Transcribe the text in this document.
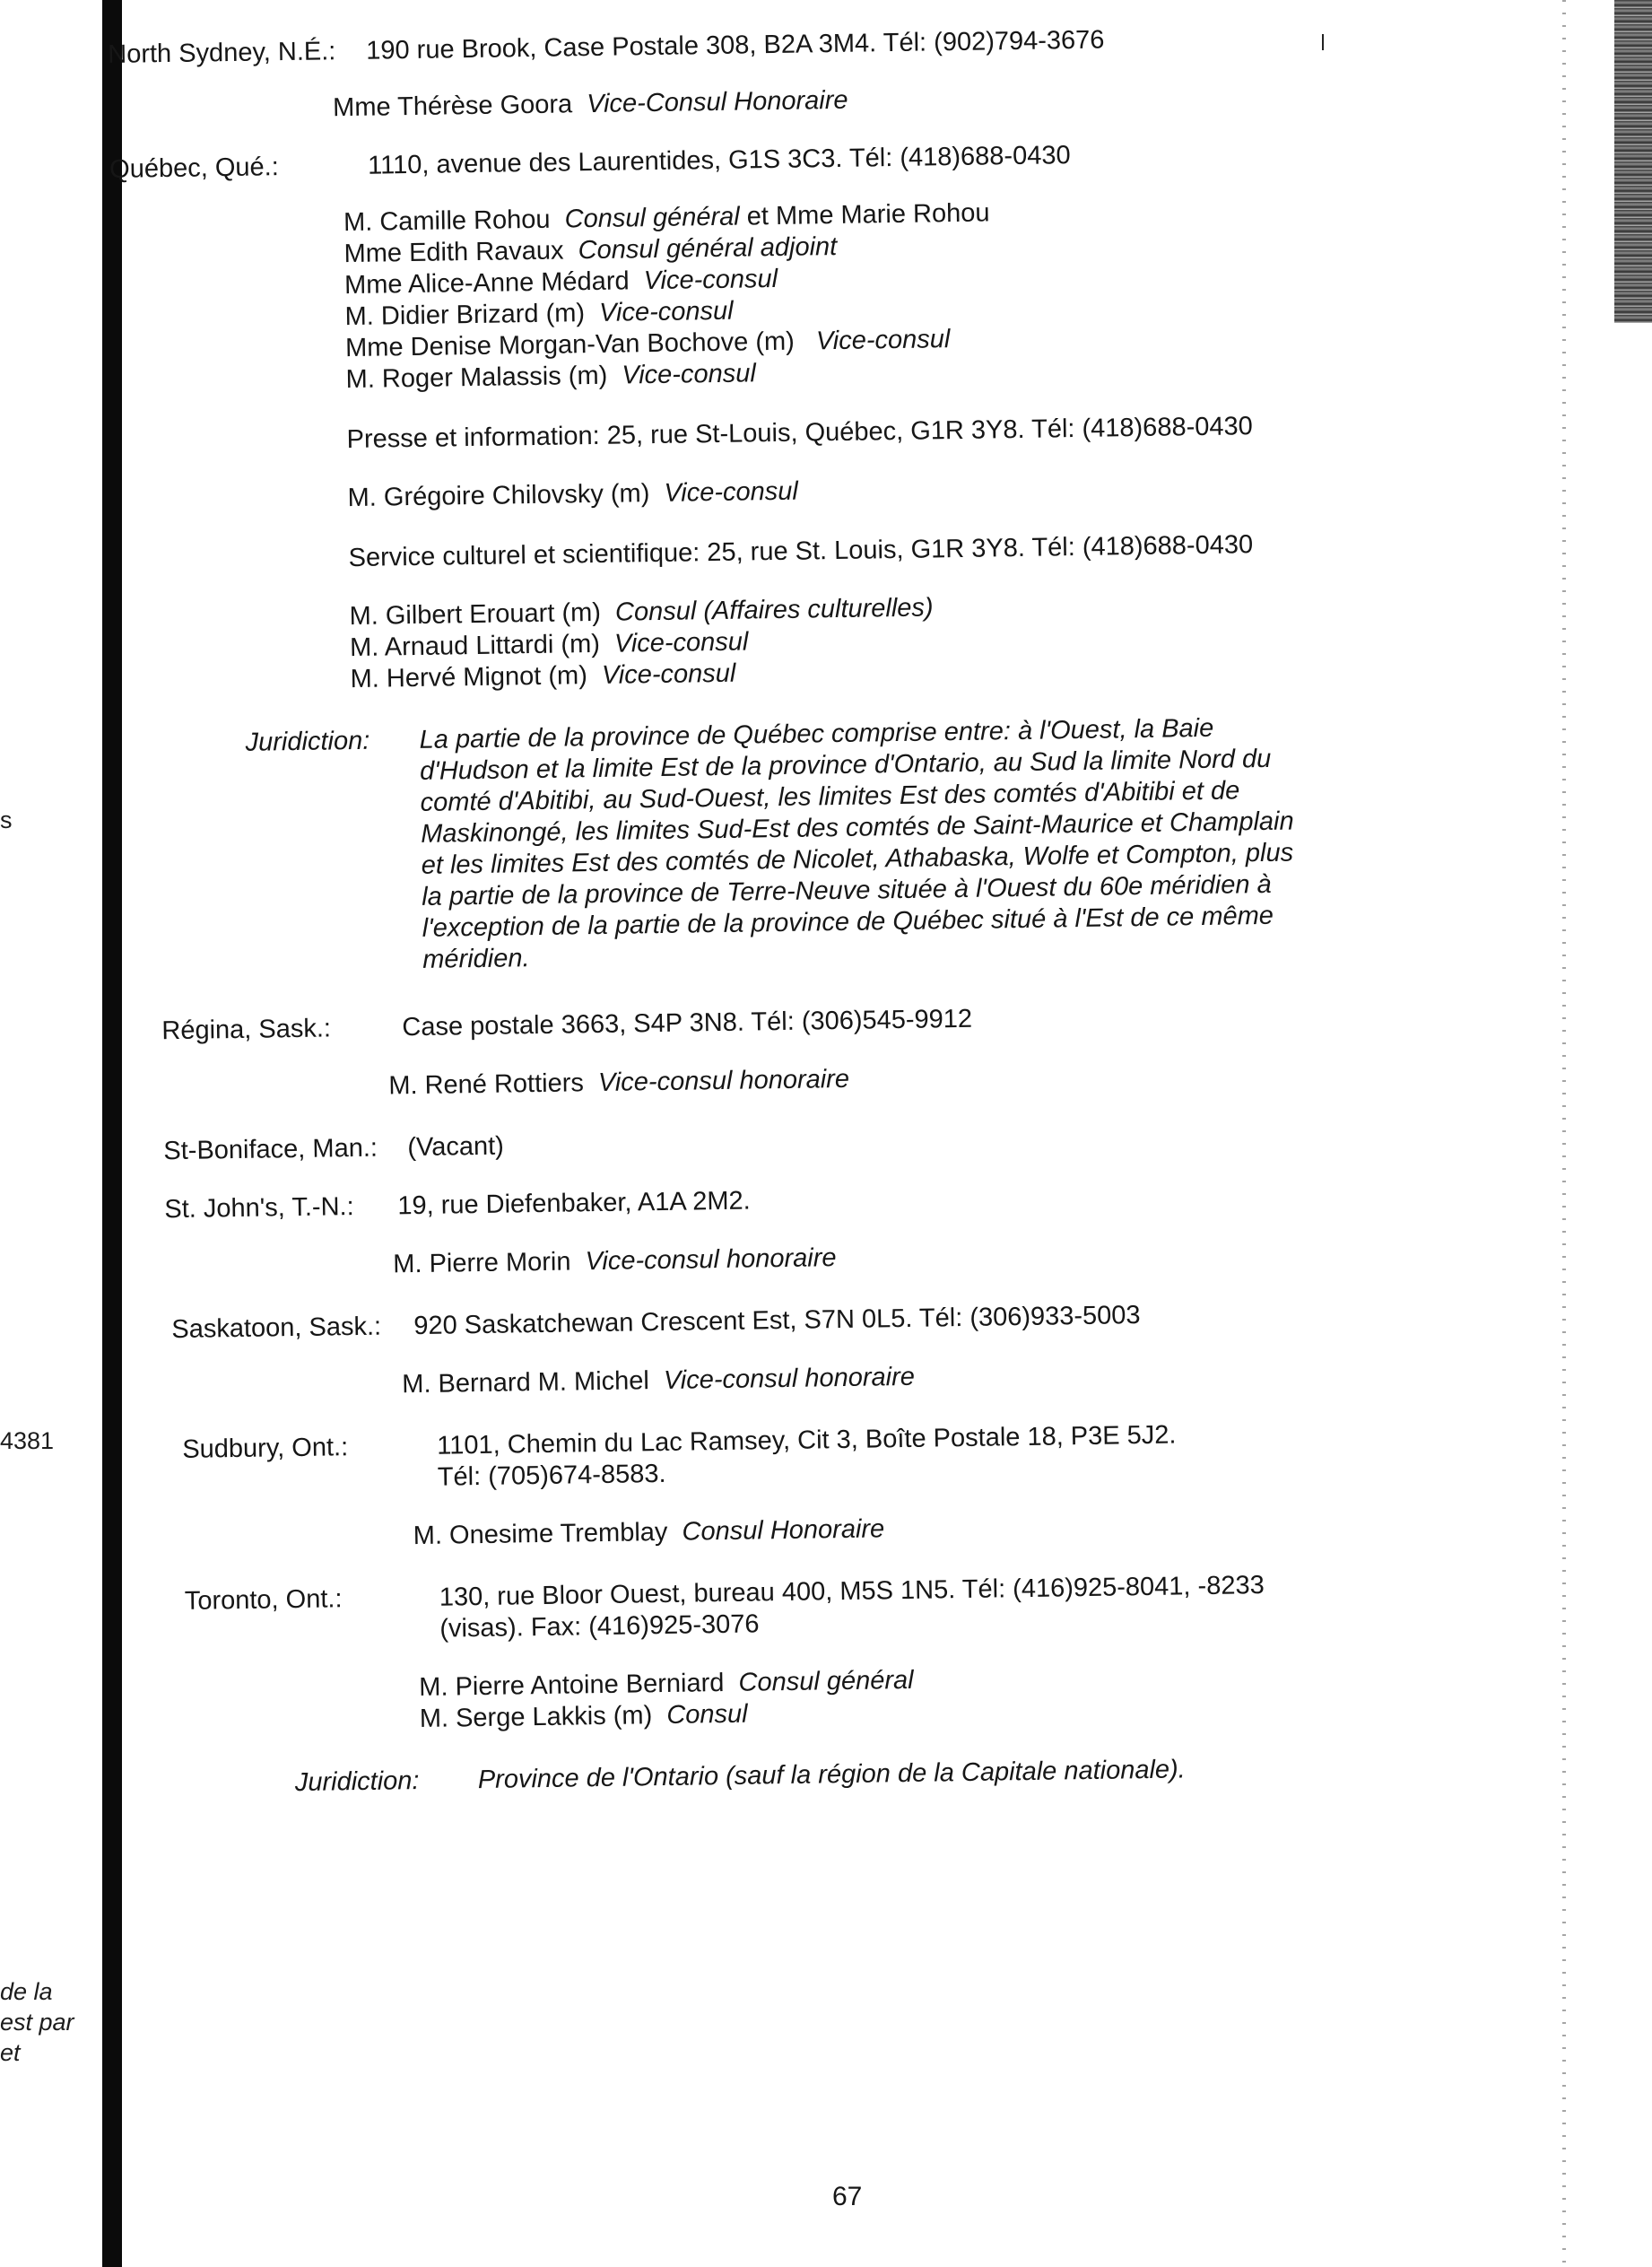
s
4381
de la
est par
et
North Sydney, N.É.: 190 rue Brook, Case Postale 308, B2A 3M4. Tél: (902)794-3676
Mme Thérèse Goora Vice-Consul Honoraire
Québec, Qué.:	1110, avenue des Laurentides, G1S 3C3. Tél: (418)688-0430
M. Camille Rohou Consul général et Mme Marie Rohou
Mme Edith Ravaux Consul général adjoint
Mme Alice-Anne Médard Vice-consul
M. Didier Brizard (m) Vice-consul
Mme Denise Morgan-Van Bochove (m) Vice-consul
M. Roger Malassis (m) Vice-consul
Presse et information: 25, rue St-Louis, Québec, G1R 3Y8. Tél: (418)688-0430
M. Grégoire Chilovsky (m) Vice-consul
Service culturel et scientifique: 25, rue St. Louis, G1R 3Y8. Tél: (418)688-0430
M. Gilbert Erouart (m) Consul (Affaires culturelles)
M. Arnaud Littardi (m) Vice-consul
M. Hervé Mignot (m) Vice-consul
Juridiction: La partie de la province de Québec comprise entre: à l'Ouest, la Baie
d'Hudson et la limite Est de la province d'Ontario, au Sud la limite Nord du
comté d'Abitibi, au Sud-Ouest, les limites Est des comtés d'Abitibi et de
Maskinongé, les limites Sud-Est des comtés de Saint-Maurice et Champlain
et les limites Est des comtés de Nicolet, Athabaska, Wolfe et Compton, plus
la partie de la province de Terre-Neuve située à l'Ouest du 60e méridien à
l'exception de la partie de la province de Québec situé à l'Est de ce même
méridien.
Régina, Sask.:	Case postale 3663, S4P 3N8. Tél: (306)545-9912
M. René Rottiers Vice-consul honoraire
St-Boniface, Man.: (Vacant)
St. John's, T.-N.: 19, rue Diefenbaker, A1A 2M2.
M. Pierre Morin Vice-consul honoraire
Saskatoon, Sask.: 920 Saskatchewan Crescent Est, S7N 0L5. Tél: (306)933-5003
M. Bernard M. Michel Vice-consul honoraire
Sudbury, Ont.:	1101, Chemin du Lac Ramsey, Cit 3, Boîte Postale 18, P3E 5J2.
Tél: (705)674-8583.
M. Onesime Tremblay Consul Honoraire
Toronto, Ont.:	130, rue Bloor Ouest, bureau 400, M5S 1N5. Tél: (416)925-8041, -8233
(visas). Fax: (416)925-3076
M. Pierre Antoine Berniard Consul général
M. Serge Lakkis (m) Consul
Juridiction: Province de l'Ontario (sauf la région de la Capitale nationale).
67
